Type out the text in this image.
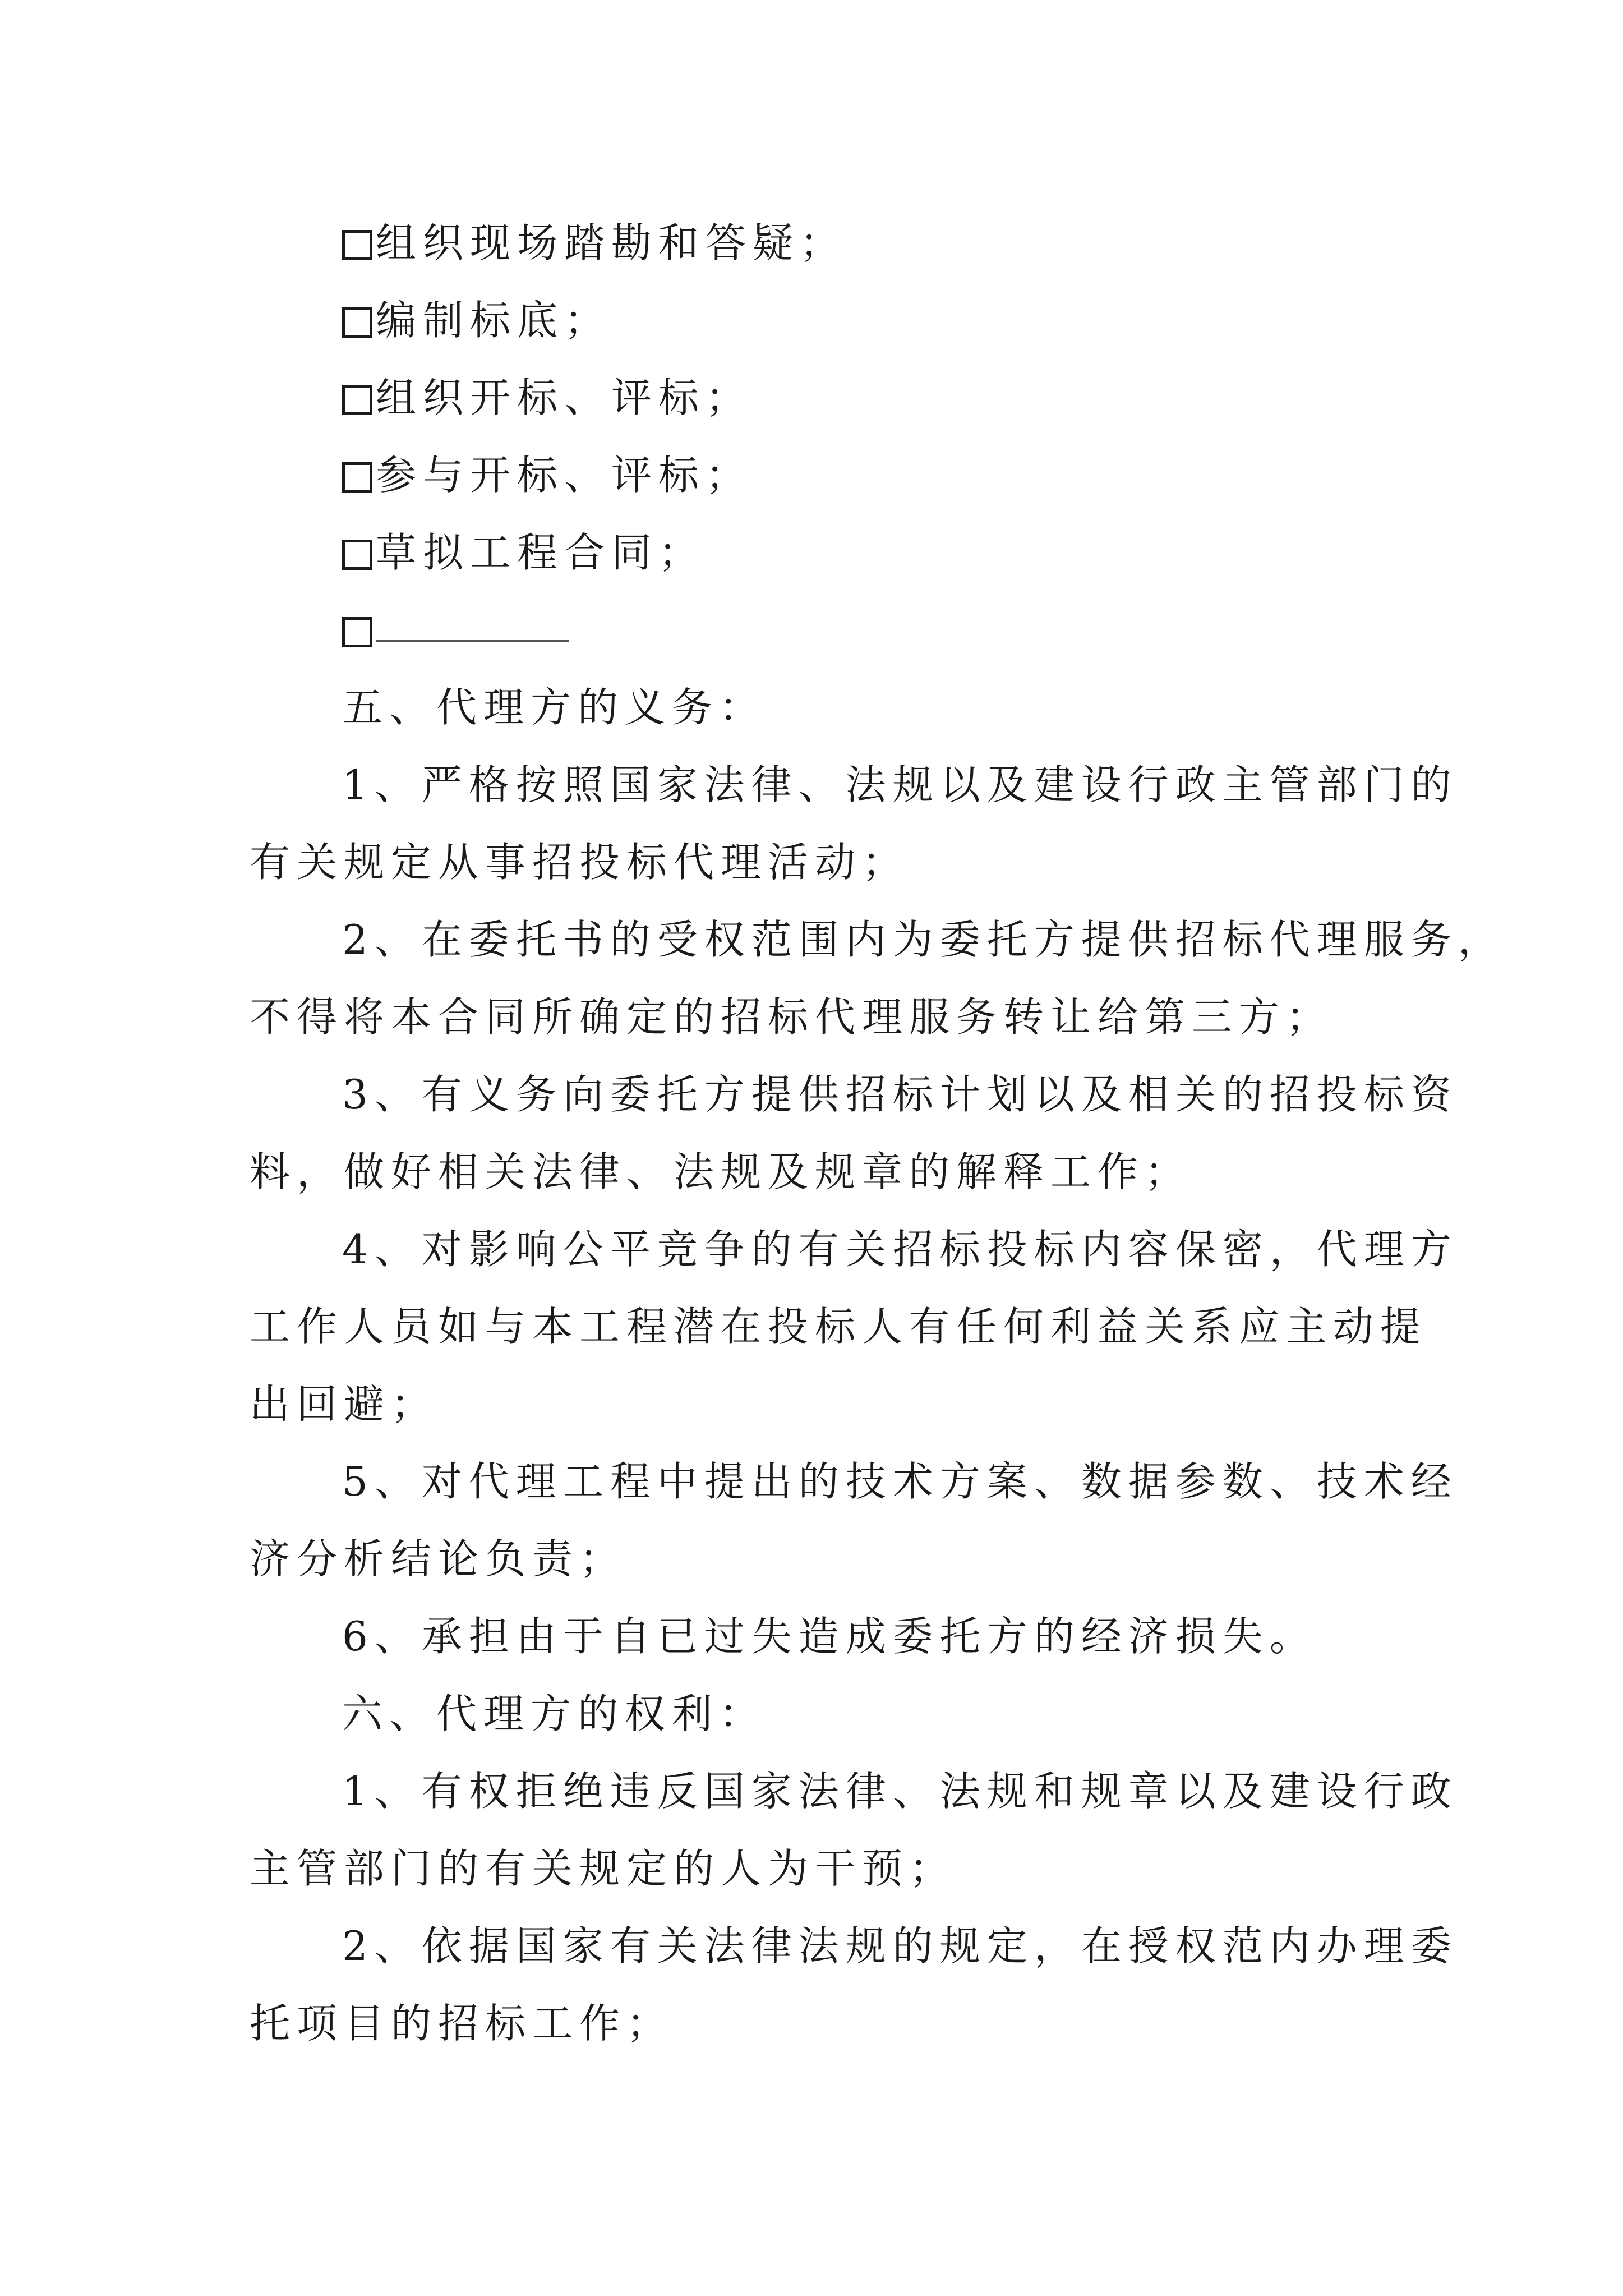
组织现场踏勘和答疑；
编制标底；
组织开标、评标；
参与开标、评标；
草拟工程合同；
五、代理方的义务：
1、严格按照国家法律、法规以及建设行政主管部门的
有关规定从事招投标代理活动；
2、在委托书的受权范围内为委托方提供招标代理服务，
不得将本合同所确定的招标代理服务转让给第三方；
3、有义务向委托方提供招标计划以及相关的招投标资
料，做好相关法律、法规及规章的解释工作；
4、对影响公平竞争的有关招标投标内容保密，代理方
工作人员如与本工程潜在投标人有任何利益关系应主动提
出回避；
5、对代理工程中提出的技术方案、数据参数、技术经
济分析结论负责；
6、承担由于自已过失造成委托方的经济损失。
六、代理方的权利：
1、有权拒绝违反国家法律、法规和规章以及建设行政
主管部门的有关规定的人为干预；
2、依据国家有关法律法规的规定，在授权范内办理委
托项目的招标工作；
